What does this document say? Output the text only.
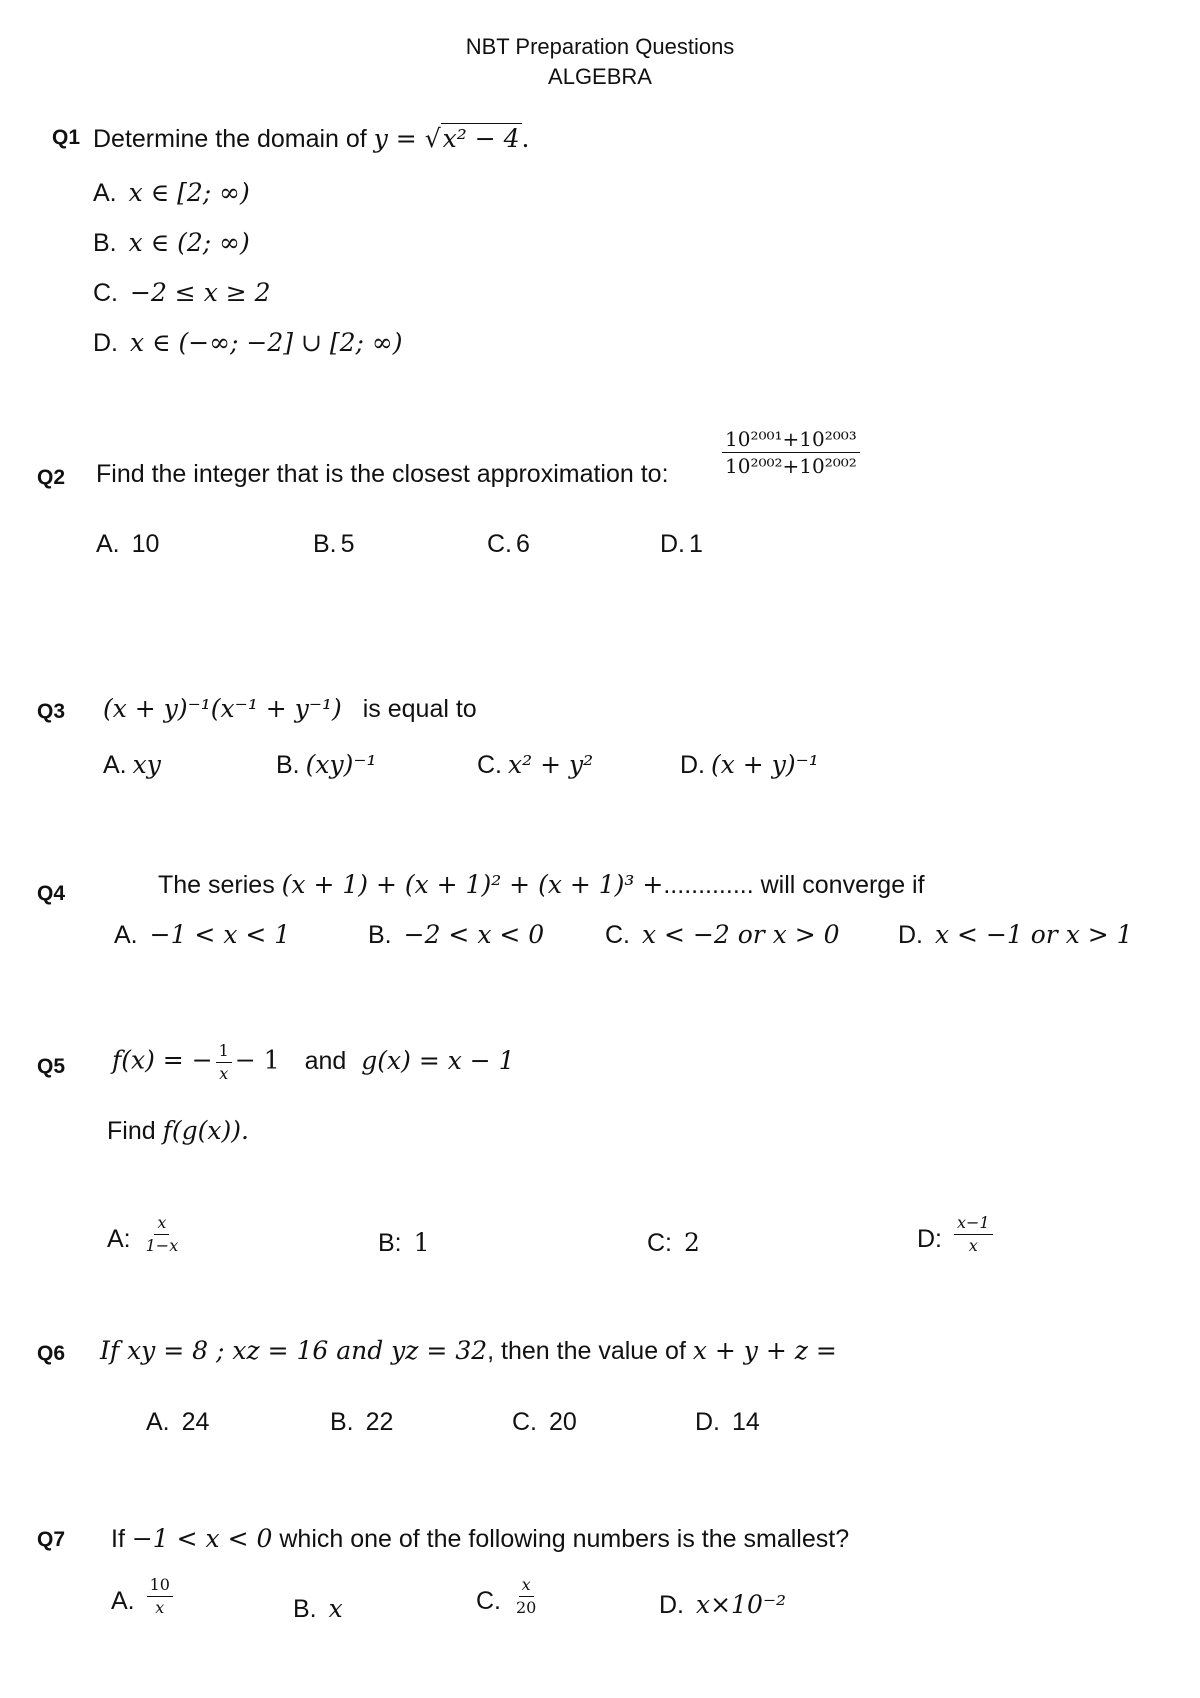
NBT Preparation Questions
ALGEBRA
Q1 Determine the domain of y = √x² − 4.
A. x ∈ [2; ∞)
B. x ∈ (2; ∞)
C. −2 ≤ x ≥ 2
D. x ∈ (−∞; −2] ∪ [2; ∞)
Q2 Find the integer that is the closest approximation to:	$\frac{\text{10²⁰⁰¹+10²⁰⁰³}}{\text{10²⁰⁰²+10²⁰⁰²}}$
A. 10	B. 5	C. 6	D. 1
Q3 (x + y)⁻¹(x⁻¹ + y⁻¹) is equal to
A. xy	B. (xy)⁻¹	C. x² + y²	D. (x + y)⁻¹
Q4	The series (x + 1) + (x + 1)² + (x + 1)³ +............. will converge if
A. −1 < x < 1	B. −2 < x < 0 C. x < −2 or x > 0 D. x < −1 or x > 1
Q5 f(x) = − $\frac{1}{x} - 1$ and g(x) = x − 1
Find f(g(x)).
A: $\frac{x}{1-x}$	B: 1	C: 2	D: $\frac{x-1}{x}$
Q6 If xy = 8 ; xz = 16 and yz = 32, then the value of x + y + z =
A. 24	B. 22	C. 20	D. 14
Q7 If −1 < x < 0 which one of the following numbers is the smallest?
A. $\frac{10}{x}$	B. x	C. $\frac{x}{20}$	D. x×10⁻²
